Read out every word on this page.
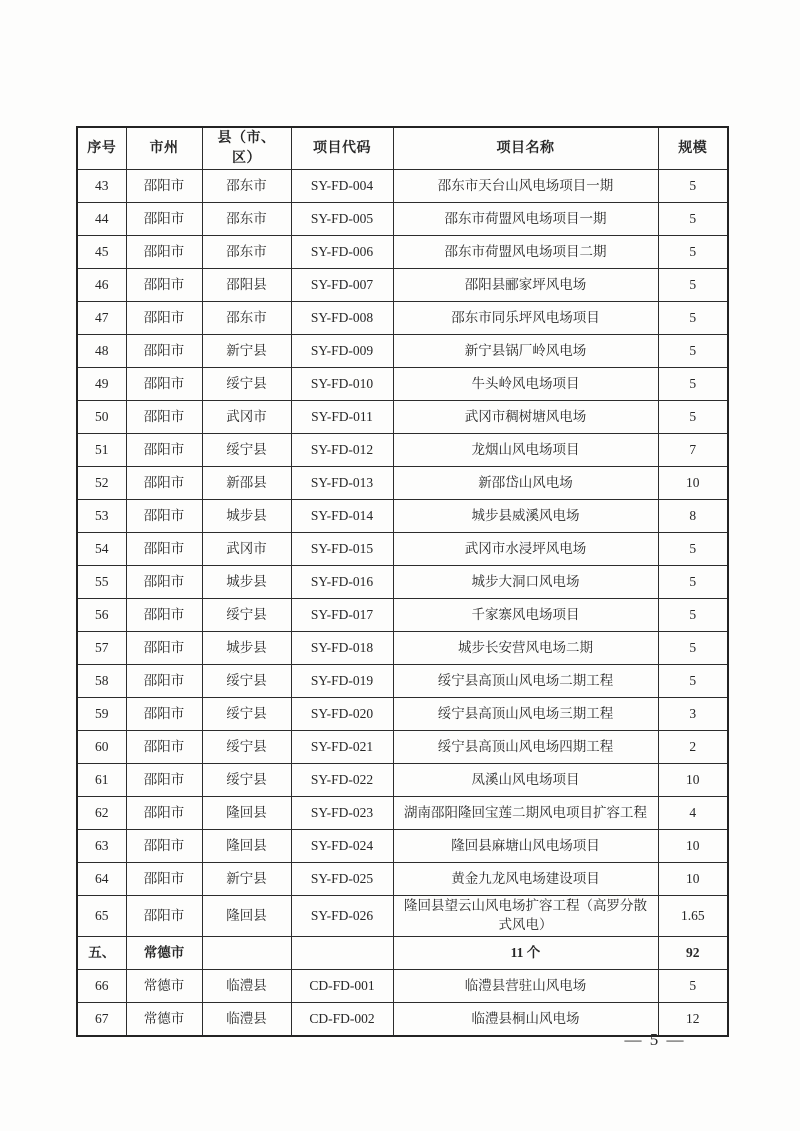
序号	市州	县（市、区）	项目代码	项目名称	规模
43	邵阳市	邵东市	SY-FD-004	邵东市天台山风电场项目一期	5
44	邵阳市	邵东市	SY-FD-005	邵东市荷盟风电场项目一期	5
45	邵阳市	邵东市	SY-FD-006	邵东市荷盟风电场项目二期	5
46	邵阳市	邵阳县	SY-FD-007	邵阳县郦家坪风电场	5
47	邵阳市	邵东市	SY-FD-008	邵东市同乐坪风电场项目	5
48	邵阳市	新宁县	SY-FD-009	新宁县锅厂岭风电场	5
49	邵阳市	绥宁县	SY-FD-010	牛头岭风电场项目	5
50	邵阳市	武冈市	SY-FD-011	武冈市稠树塘风电场	5
51	邵阳市	绥宁县	SY-FD-012	龙烟山风电场项目	7
52	邵阳市	新邵县	SY-FD-013	新邵岱山风电场	10
53	邵阳市	城步县	SY-FD-014	城步县威溪风电场	8
54	邵阳市	武冈市	SY-FD-015	武冈市水浸坪风电场	5
55	邵阳市	城步县	SY-FD-016	城步大洞口风电场	5
56	邵阳市	绥宁县	SY-FD-017	千家寨风电场项目	5
57	邵阳市	城步县	SY-FD-018	城步长安营风电场二期	5
58	邵阳市	绥宁县	SY-FD-019	绥宁县高顶山风电场二期工程	5
59	邵阳市	绥宁县	SY-FD-020	绥宁县高顶山风电场三期工程	3
60	邵阳市	绥宁县	SY-FD-021	绥宁县高顶山风电场四期工程	2
61	邵阳市	绥宁县	SY-FD-022	凤溪山风电场项目	10
62	邵阳市	隆回县	SY-FD-023	湖南邵阳隆回宝莲二期风电项目扩容工程	4
63	邵阳市	隆回县	SY-FD-024	隆回县麻塘山风电场项目	10
64	邵阳市	新宁县	SY-FD-025	黄金九龙风电场建设项目	10
65	邵阳市	隆回县	SY-FD-026	隆回县望云山风电场扩容工程（高罗分散式风电）	1.65
五、	常德市			11 个	92
66	常德市	临澧县	CD-FD-001	临澧县营驻山风电场	5
67	常德市	临澧县	CD-FD-002	临澧县桐山风电场	12
— 5 —
